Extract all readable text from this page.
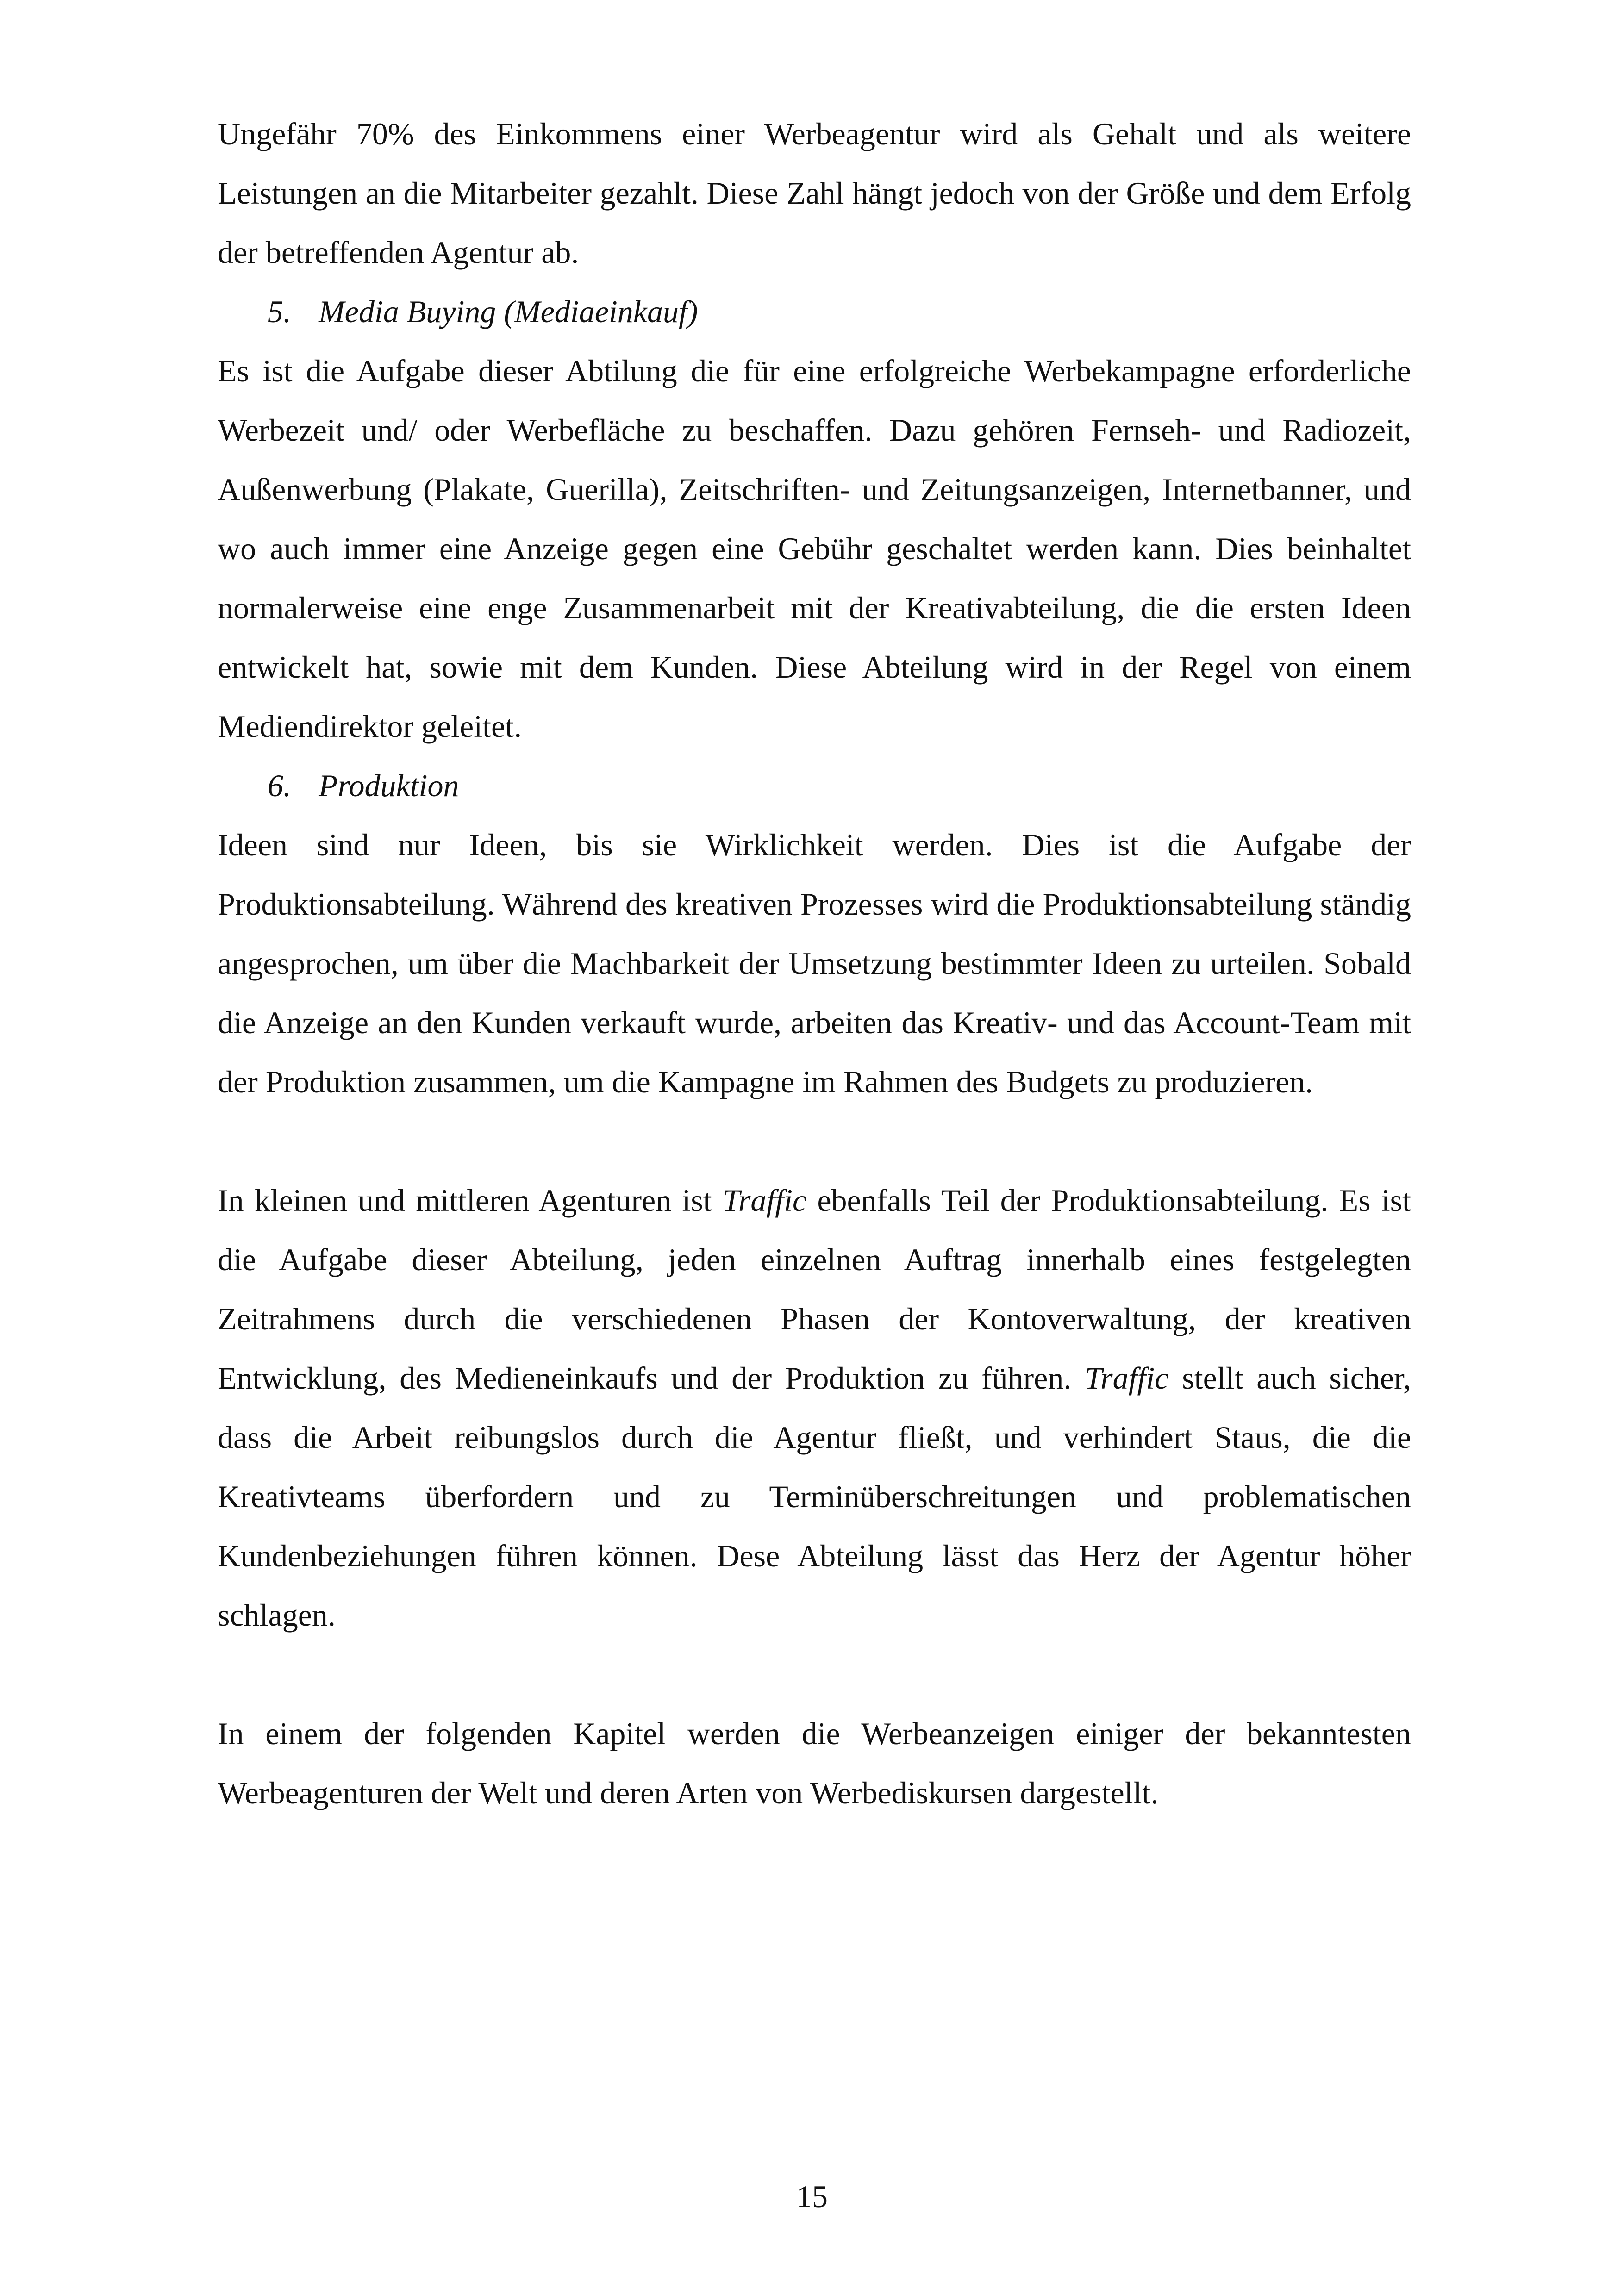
Ungefähr 70% des Einkommens einer Werbeagentur wird als Gehalt und als weitere Leistungen an die Mitarbeiter gezahlt. Diese Zahl hängt jedoch von der Größe und dem Erfolg der betreffenden Agentur ab.

5. Media Buying (Mediaeinkauf)

Es ist die Aufgabe dieser Abtilung die für eine erfolgreiche Werbekampagne erforderliche Werbezeit und/ oder Werbefläche zu beschaffen. Dazu gehören Fernseh- und Radiozeit, Außenwerbung (Plakate, Guerilla), Zeitschriften- und Zeitungsanzeigen, Internetbanner, und wo auch immer eine Anzeige gegen eine Gebühr geschaltet werden kann. Dies beinhaltet normalerweise eine enge Zusammenarbeit mit der Kreativabteilung, die die ersten Ideen entwickelt hat, sowie mit dem Kunden. Diese Abteilung wird in der Regel von einem Mediendirektor geleitet.

6. Produktion

Ideen sind nur Ideen, bis sie Wirklichkeit werden. Dies ist die Aufgabe der Produktionsabteilung. Während des kreativen Prozesses wird die Produktionsabteilung ständig angesprochen, um über die Machbarkeit der Umsetzung bestimmter Ideen zu urteilen. Sobald die Anzeige an den Kunden verkauft wurde, arbeiten das Kreativ- und das Account-Team mit der Produktion zusammen, um die Kampagne im Rahmen des Budgets zu produzieren.

In kleinen und mittleren Agenturen ist Traffic ebenfalls Teil der Produktionsabteilung. Es ist die Aufgabe dieser Abteilung, jeden einzelnen Auftrag innerhalb eines festgelegten Zeitrahmens durch die verschiedenen Phasen der Kontoverwaltung, der kreativen Entwicklung, des Medieneinkaufs und der Produktion zu führen. Traffic stellt auch sicher, dass die Arbeit reibungslos durch die Agentur fließt, und verhindert Staus, die die Kreativteams überfordern und zu Terminüberschreitungen und problematischen Kundenbeziehungen führen können. Dese Abteilung lässt das Herz der Agentur höher schlagen.

In einem der folgenden Kapitel werden die Werbeanzeigen einiger der bekanntesten Werbeagenturen der Welt und deren Arten von Werbediskursen dargestellt.

15
